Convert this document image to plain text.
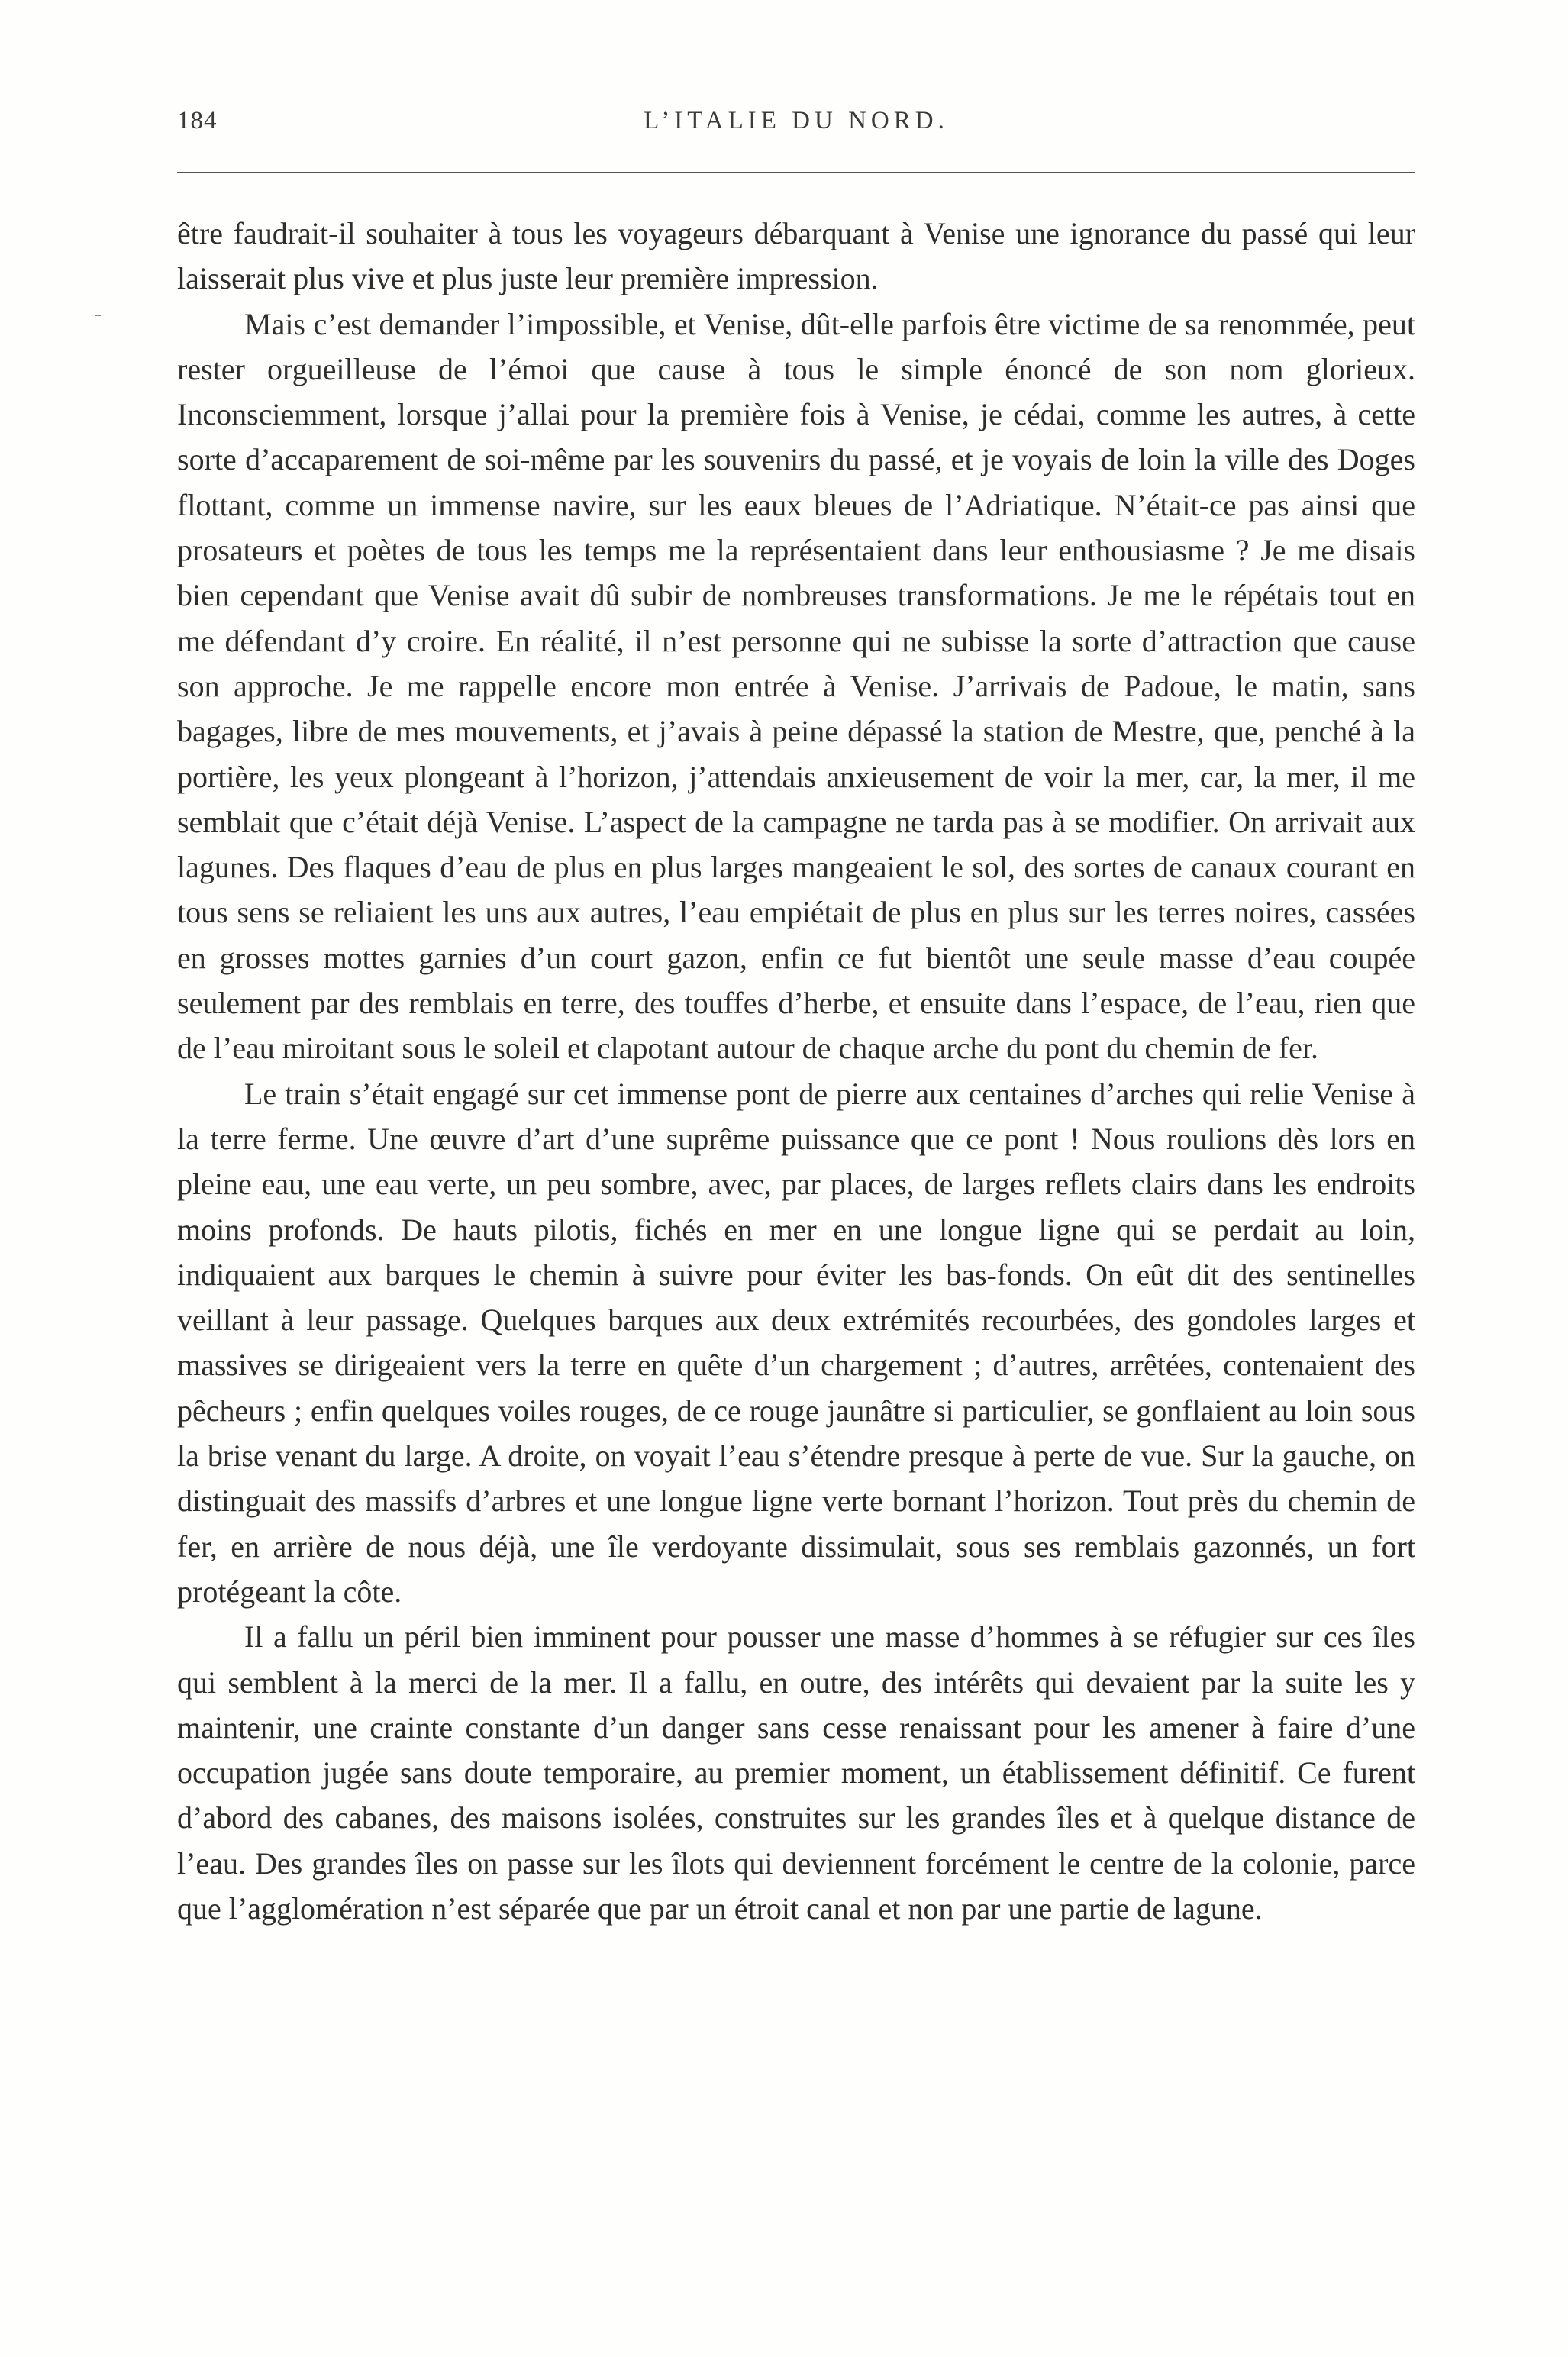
184	L’ITALIE DU NORD.

être faudrait-il souhaiter à tous les voyageurs débarquant à Venise une ignorance du passé qui leur laisserait plus vive et plus juste leur première impression.

Mais c’est demander l’impossible, et Venise, dût-elle parfois être victime de sa renommée, peut rester orgueilleuse de l’émoi que cause à tous le simple énoncé de son nom glorieux. Inconsciemment, lorsque j’allai pour la première fois à Venise, je cédai, comme les autres, à cette sorte d’accaparement de soi-même par les souvenirs du passé, et je voyais de loin la ville des Doges flottant, comme un immense navire, sur les eaux bleues de l’Adriatique. N’était-ce pas ainsi que prosateurs et poètes de tous les temps me la représentaient dans leur enthousiasme ? Je me disais bien cependant que Venise avait dû subir de nombreuses transformations. Je me le répétais tout en me défendant d’y croire. En réalité, il n’est personne qui ne subisse la sorte d’attraction que cause son approche. Je me rappelle encore mon entrée à Venise. J’arrivais de Padoue, le matin, sans bagages, libre de mes mouvements, et j’avais à peine dépassé la station de Mestre, que, penché à la portière, les yeux plongeant à l’horizon, j’attendais anxieusement de voir la mer, car, la mer, il me semblait que c’était déjà Venise. L’aspect de la campagne ne tarda pas à se modifier. On arrivait aux lagunes. Des flaques d’eau de plus en plus larges mangeaient le sol, des sortes de canaux courant en tous sens se reliaient les uns aux autres, l’eau empiétait de plus en plus sur les terres noires, cassées en grosses mottes garnies d’un court gazon, enfin ce fut bientôt une seule masse d’eau coupée seulement par des remblais en terre, des touffes d’herbe, et ensuite dans l’espace, de l’eau, rien que de l’eau miroitant sous le soleil et clapotant autour de chaque arche du pont du chemin de fer.

Le train s’était engagé sur cet immense pont de pierre aux centaines d’arches qui relie Venise à la terre ferme. Une œuvre d’art d’une suprême puissance que ce pont ! Nous roulions dès lors en pleine eau, une eau verte, un peu sombre, avec, par places, de larges reflets clairs dans les endroits moins profonds. De hauts pilotis, fichés en mer en une longue ligne qui se perdait au loin, indiquaient aux barques le chemin à suivre pour éviter les bas-fonds. On eût dit des sentinelles veillant à leur passage. Quelques barques aux deux extrémités recourbées, des gondoles larges et massives se dirigeaient vers la terre en quête d’un chargement ; d’autres, arrêtées, contenaient des pêcheurs ; enfin quelques voiles rouges, de ce rouge jaunâtre si particulier, se gonflaient au loin sous la brise venant du large. A droite, on voyait l’eau s’étendre presque à perte de vue. Sur la gauche, on distinguait des massifs d’arbres et une longue ligne verte bornant l’horizon. Tout près du chemin de fer, en arrière de nous déjà, une île verdoyante dissimulait, sous ses remblais gazonnés, un fort protégeant la côte.

Il a fallu un péril bien imminent pour pousser une masse d’hommes à se réfugier sur ces îles qui semblent à la merci de la mer. Il a fallu, en outre, des intérêts qui devaient par la suite les y maintenir, une crainte constante d’un danger sans cesse renaissant pour les amener à faire d’une occupation jugée sans doute temporaire, au premier moment, un établissement définitif. Ce furent d’abord des cabanes, des maisons isolées, construites sur les grandes îles et à quelque distance de l’eau. Des grandes îles on passe sur les îlots qui deviennent forcément le centre de la colonie, parce que l’agglomération n’est séparée que par un étroit canal et non par une partie de lagune.
